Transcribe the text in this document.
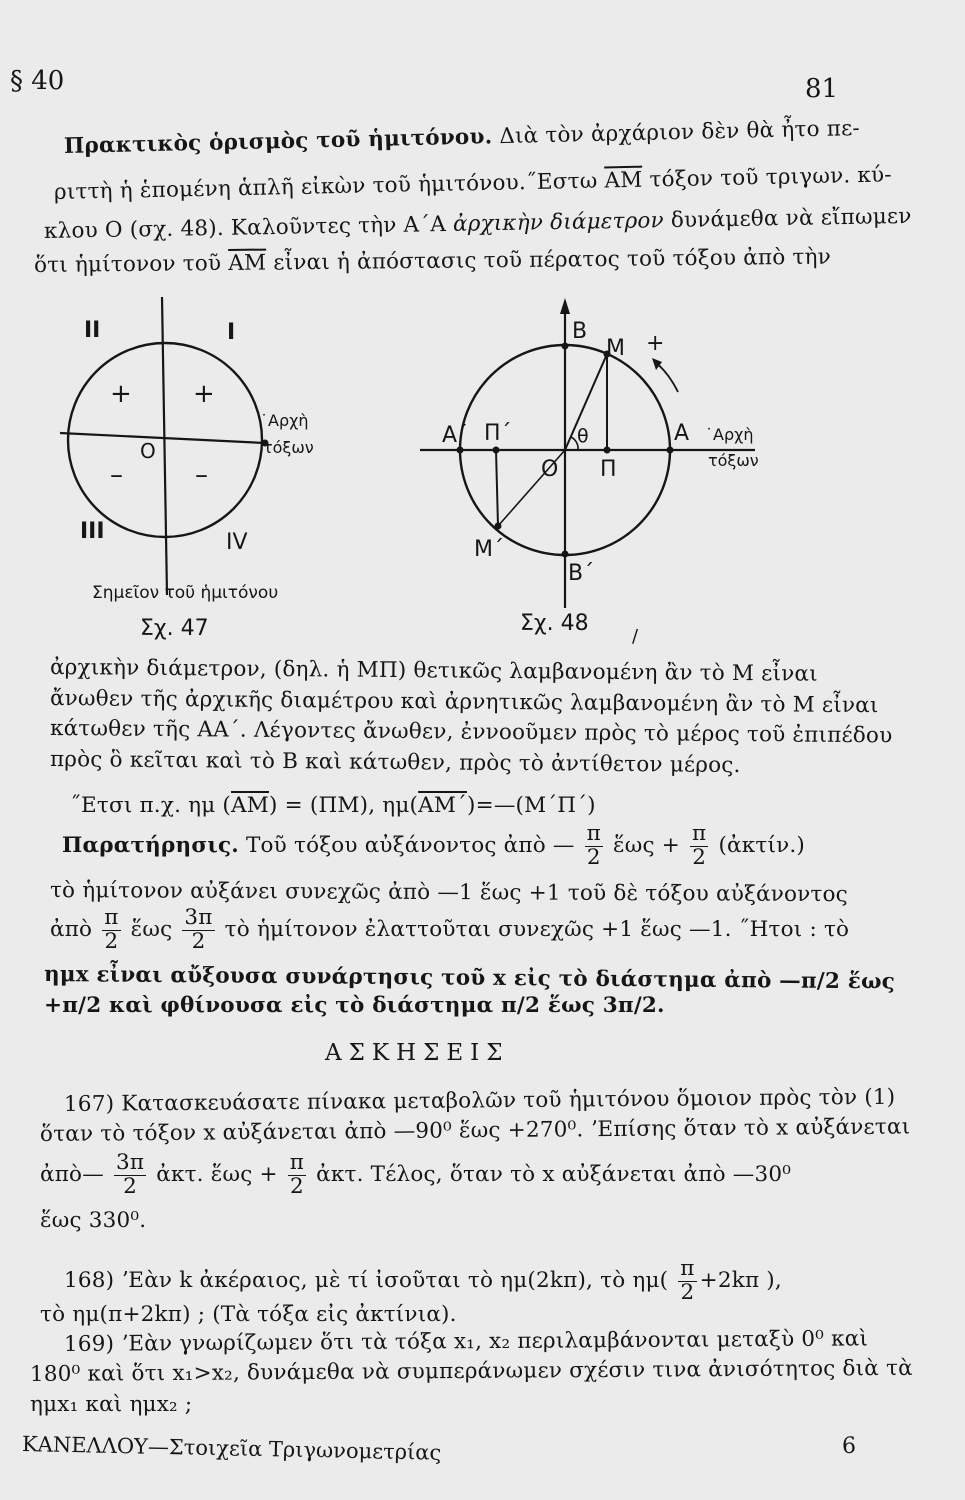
§ 40	81
Πρακτικὸς ὁρισμὸς τοῦ ἡμιτόνου. Διὰ τὸν ἀρχάριον δὲν θὰ ἦτο πε-
ριττὴ ἡ ἑπομένη ἁπλῆ εἰκὼν τοῦ ἡμιτόνου.˝Εστω $\overline{AM}$ τόξον τοῦ τριγων. κύ-
κλου O (σχ. 48). Καλοῦντες τὴν A΄A ἀρχικὴν διάμετρον δυνάμεθα νὰ εἴπωμεν
ὅτι ἡμίτονον τοῦ $\overline{AM}$ εἶναι ἡ ἀπόστασις τοῦ πέρατος τοῦ τόξου ἀπὸ τὴν
II	I
III	IV
+ +
–	–
O
˙Αρχὴ
τόξων
Σημεῖον τοῦ ἡμιτόνου
Σχ. 47
B
M +
A΄ Π΄	θ	A
O Π
M΄
B΄
˙Αρχὴ
τόξων
Σχ. 48
/
ἀρχικὴν διάμετρον, (δηλ. ἡ MΠ) θετικῶς λαμβανομένη ἂν τὸ M εἶναι
ἄνωθεν τῆς ἀρχικῆς διαμέτρου καὶ ἀρνητικῶς λαμβανομένη ἂν τὸ M εἶναι
κάτωθεν τῆς AA΄. Λέγοντες ἄνωθεν, ἐννοοῦμεν πρὸς τὸ μέρος τοῦ ἐπιπέδου
πρὸς ὃ κεῖται καὶ τὸ B καὶ κάτωθεν, πρὸς τὸ ἀντίθετον μέρος.
˝Ετσι π.χ. ημ $(\overline{AM}) = (\Pi M)$, $\eta\mu(\overline{AM΄})=—(M΄\Pi΄)$
Παρατήρησις. Τοῦ τόξου αὐξάνοντος ἀπὸ — $\frac{\pi}{2}$ ἕως + $\frac{\pi}{2}$ (ἀκτίν.)
τὸ ἡμίτονον αὐξάνει συνεχῶς ἀπὸ —1 ἕως +1 τοῦ δὲ τόξου αὐξάνοντος
ἀπὸ $\frac{\pi}{2}$ ἕως $\frac{3\pi}{2}$ τὸ ἡμίτονον ἐλαττοῦται συνεχῶς +1 ἕως —1. ˝Ητοι : τὸ
ημx εἶναι αὔξουσα συνάρτησις τοῦ x εἰς τὸ διάστημα ἀπὸ —π/2 ἕως
+π/2 καὶ φθίνουσα εἰς τὸ διάστημα π/2 ἕως 3π/2.
ΑΣΚΗΣΕΙΣ
167) Κατασκευάσατε πίνακα μεταβολῶν τοῦ ἡμιτόνου ὅμοιον πρὸς τὸν (1)
ὅταν τὸ τόξον x αὐξάνεται ἀπὸ —90⁰ ἕως +270⁰. ʼΕπίσης ὅταν τὸ x αὐξάνεται
ἀπὸ— $\frac{3\pi}{2}$ ἀκτ. ἕως + $\frac{\pi}{2}$ ἀκτ. Τέλος, ὅταν τὸ x αὐξάνεται ἀπὸ —30⁰
ἕως 330⁰.
168) ʼΕὰν k ἀκέραιος, μὲ τί ἰσοῦται τὸ ημ(2kπ), τὸ $\eta\mu( \frac{\pi}{2} +2k\pi$ ),
τὸ ημ(π+2kπ) ; (Τὰ τόξα εἰς ἀκτίνια).
169) ʼΕὰν γνωρίζωμεν ὅτι τὰ τόξα x₁, x₂ περιλαμβάνονται μεταξὺ 0⁰ καὶ
180⁰ καὶ ὅτι x₁>x₂, δυνάμεθα νὰ συμπεράνωμεν σχέσιν τινα ἀνισότητος διὰ τὰ
ημx₁ καὶ ημx₂ ;
ΚΑΝΕΛΛΟΥ—Στοιχεῖα Τριγωνομετρίας	6
